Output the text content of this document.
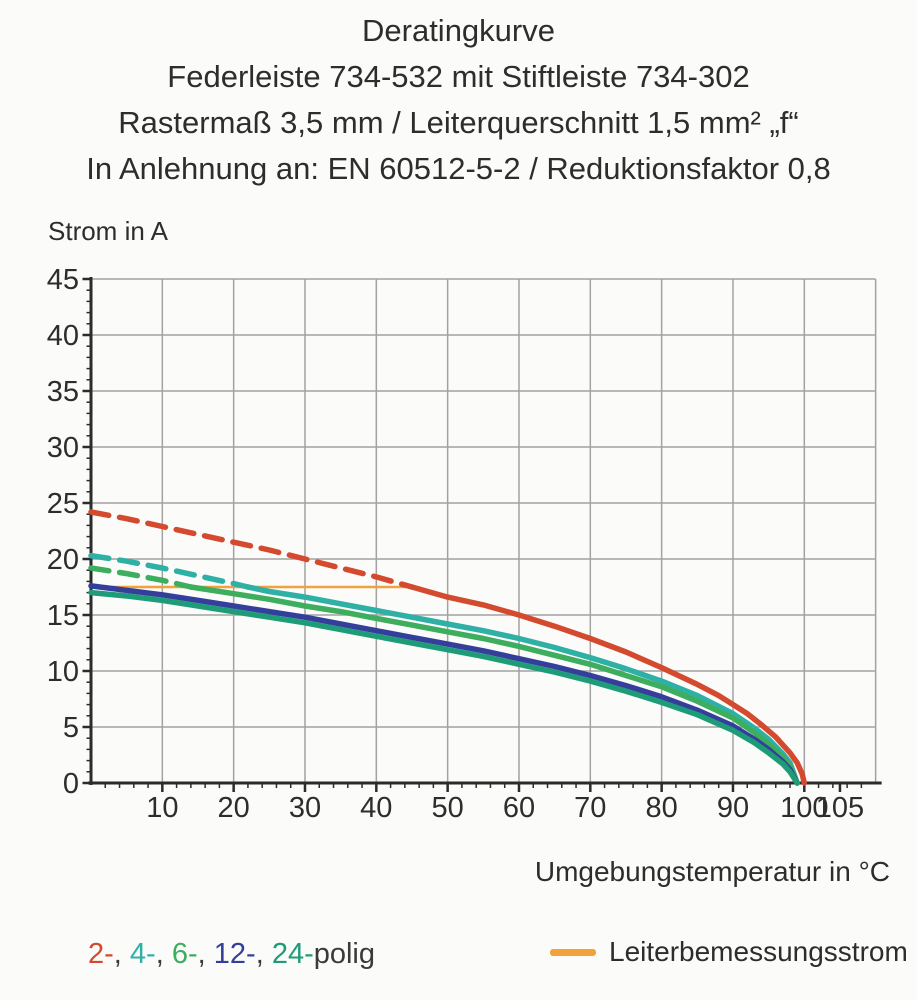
Deratingkurve
Federleiste 734-532 mit Stiftleiste 734-302
Rastermaß 3,5 mm / Leiterquerschnitt 1,5 mm² „f“
In Anlehnung an: EN 60512-5-2 / Reduktionsfaktor 0,8
Strom in A
10 20 30 40 50 60 70 80 90 100
105
0
5
10
15
20
25
30
35
40
45
Umgebungstemperatur in °C
2-, 4-, 6-, 12-, 24-polig	Leiterbemessungsstrom
